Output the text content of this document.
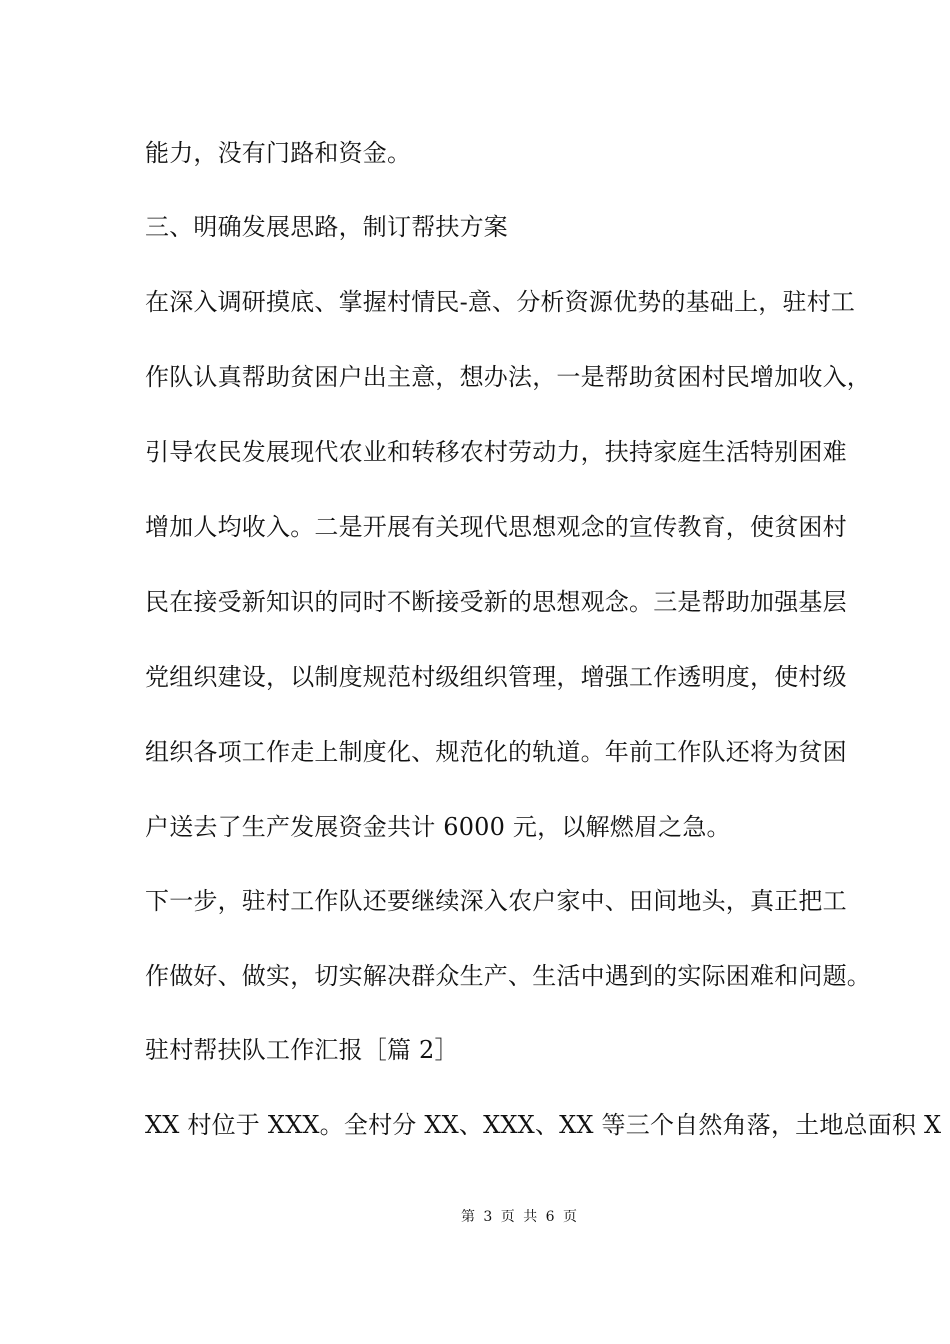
能力，没有门路和资金。
三、明确发展思路，制订帮扶方案
在深入调研摸底、掌握村情民-意、分析资源优势的基础上，驻村工
作队认真帮助贫困户出主意，想办法，一是帮助贫困村民增加收入，
引导农民发展现代农业和转移农村劳动力，扶持家庭生活特别困难
增加人均收入。二是开展有关现代思想观念的宣传教育，使贫困村
民在接受新知识的同时不断接受新的思想观念。三是帮助加强基层
党组织建设，以制度规范村级组织管理，增强工作透明度，使村级
组织各项工作走上制度化、规范化的轨道。年前工作队还将为贫困
户送去了生产发展资金共计 6000 元，以解燃眉之急。
下一步，驻村工作队还要继续深入农户家中、田间地头，真正把工
作做好、做实，切实解决群众生产、生活中遇到的实际困难和问题。
驻村帮扶队工作汇报［篇 2］
XX 村位于 XXX。全村分 XX、XXX、XX 等三个自然角落，土地总面积 X
第 3 页 共 6 页
